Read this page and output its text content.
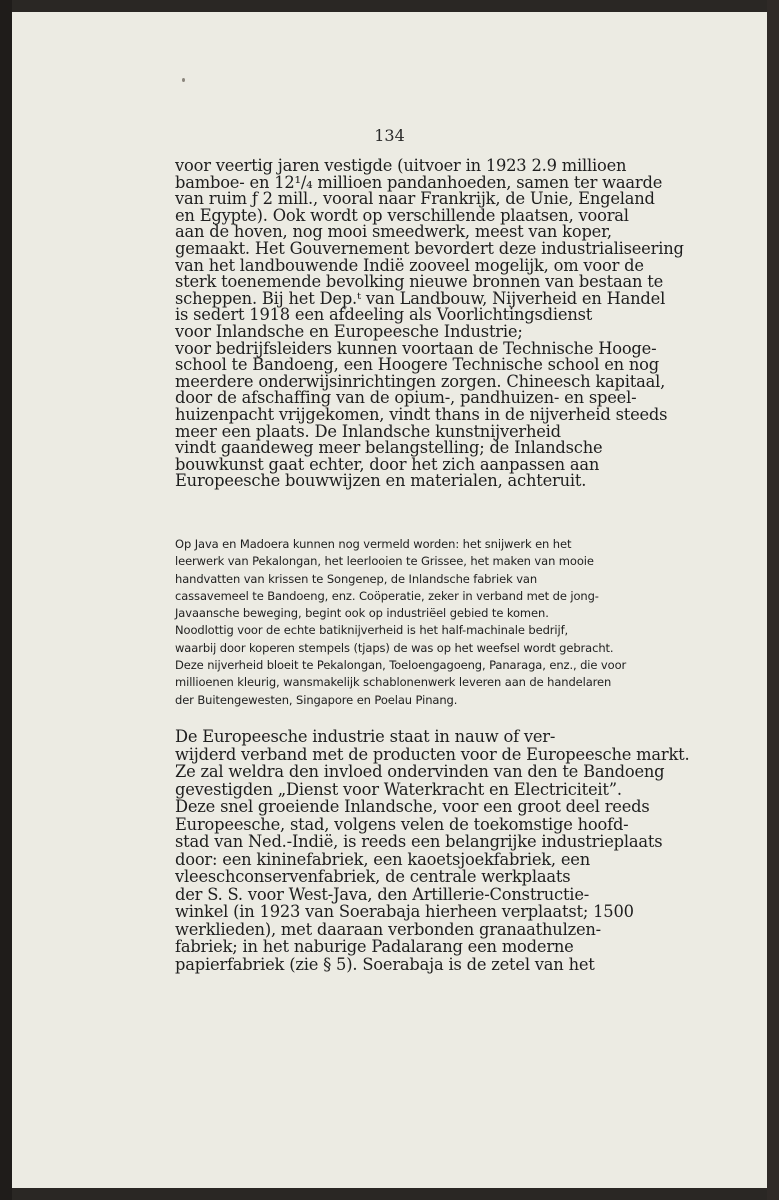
134
voor veertig jaren vestigde (uitvoer in 1923 2.9 millioen
bamboe- en 12¹/₄ millioen pandanhoeden, samen ter waarde
van ruim ƒ 2 mill., vooral naar Frankrijk, de Unie, Engeland
en Egypte). Ook wordt op verschillende plaatsen, vooral
aan de hoven, nog mooi smeedwerk, meest van koper,
gemaakt. Het Gouvernement bevordert deze industrialiseering
van het landbouwende Indië zooveel mogelijk, om voor de
sterk toenemende bevolking nieuwe bronnen van bestaan te
scheppen. Bij het Dep.ᵗ van Landbouw, Nijverheid en Handel
is sedert 1918 een afdeeling als Voorlichtingsdienst
voor Inlandsche en Europeesche Industrie;
voor bedrijfsleiders kunnen voortaan de Technische Hooge-
school te Bandoeng, een Hoogere Technische school en nog
meerdere onderwijsinrichtingen zorgen. Chineesch kapitaal,
door de afschaffing van de opium-, pandhuizen- en speel-
huizenpacht vrijgekomen, vindt thans in de nijverheid steeds
meer een plaats. De Inlandsche kunstnijverheid
vindt gaandeweg meer belangstelling; de Inlandsche
bouwkunst gaat echter, door het zich aanpassen aan
Europeesche bouwwijzen en materialen, achteruit.
Op Java en Madoera kunnen nog vermeld worden: het snijwerk en het
leerwerk van Pekalongan, het leerlooien te Grissee, het maken van mooie
handvatten van krissen te Songenep, de Inlandsche fabriek van
cassavemeel te Bandoeng, enz. Coöperatie, zeker in verband met de jong-
Javaansche beweging, begint ook op industriëel gebied te komen.
Noodlottig voor de echte batiknijverheid is het half-machinale bedrijf,
waarbij door koperen stempels (tjaps) de was op het weefsel wordt gebracht.
Deze nijverheid bloeit te Pekalongan, Toeloengagoeng, Panaraga, enz., die voor
millioenen kleurig, wansmakelijk schablonenwerk leveren aan de handelaren
der Buitengewesten, Singapore en Poelau Pinang.
De Europeesche industrie staat in nauw of ver-
wijderd verband met de producten voor de Europeesche markt.
Ze zal weldra den invloed ondervinden van den te Bandoeng
gevestigden „Dienst voor Waterkracht en Electriciteit”.
Deze snel groeiende Inlandsche, voor een groot deel reeds
Europeesche, stad, volgens velen de toekomstige hoofd-
stad van Ned.-Indië, is reeds een belangrijke industrieplaats
door: een kininefabriek, een kaoetsjoekfabriek, een
vleeschconservenfabriek, de centrale werkplaats
der S. S. voor West-Java, den Artillerie-Constructie-
winkel (in 1923 van Soerabaja hierheen verplaatst; 1500
werklieden), met daaraan verbonden granaathulzen-
fabriek; in het naburige Padalarang een moderne
papierfabriek (zie § 5). Soerabaja is de zetel van het
